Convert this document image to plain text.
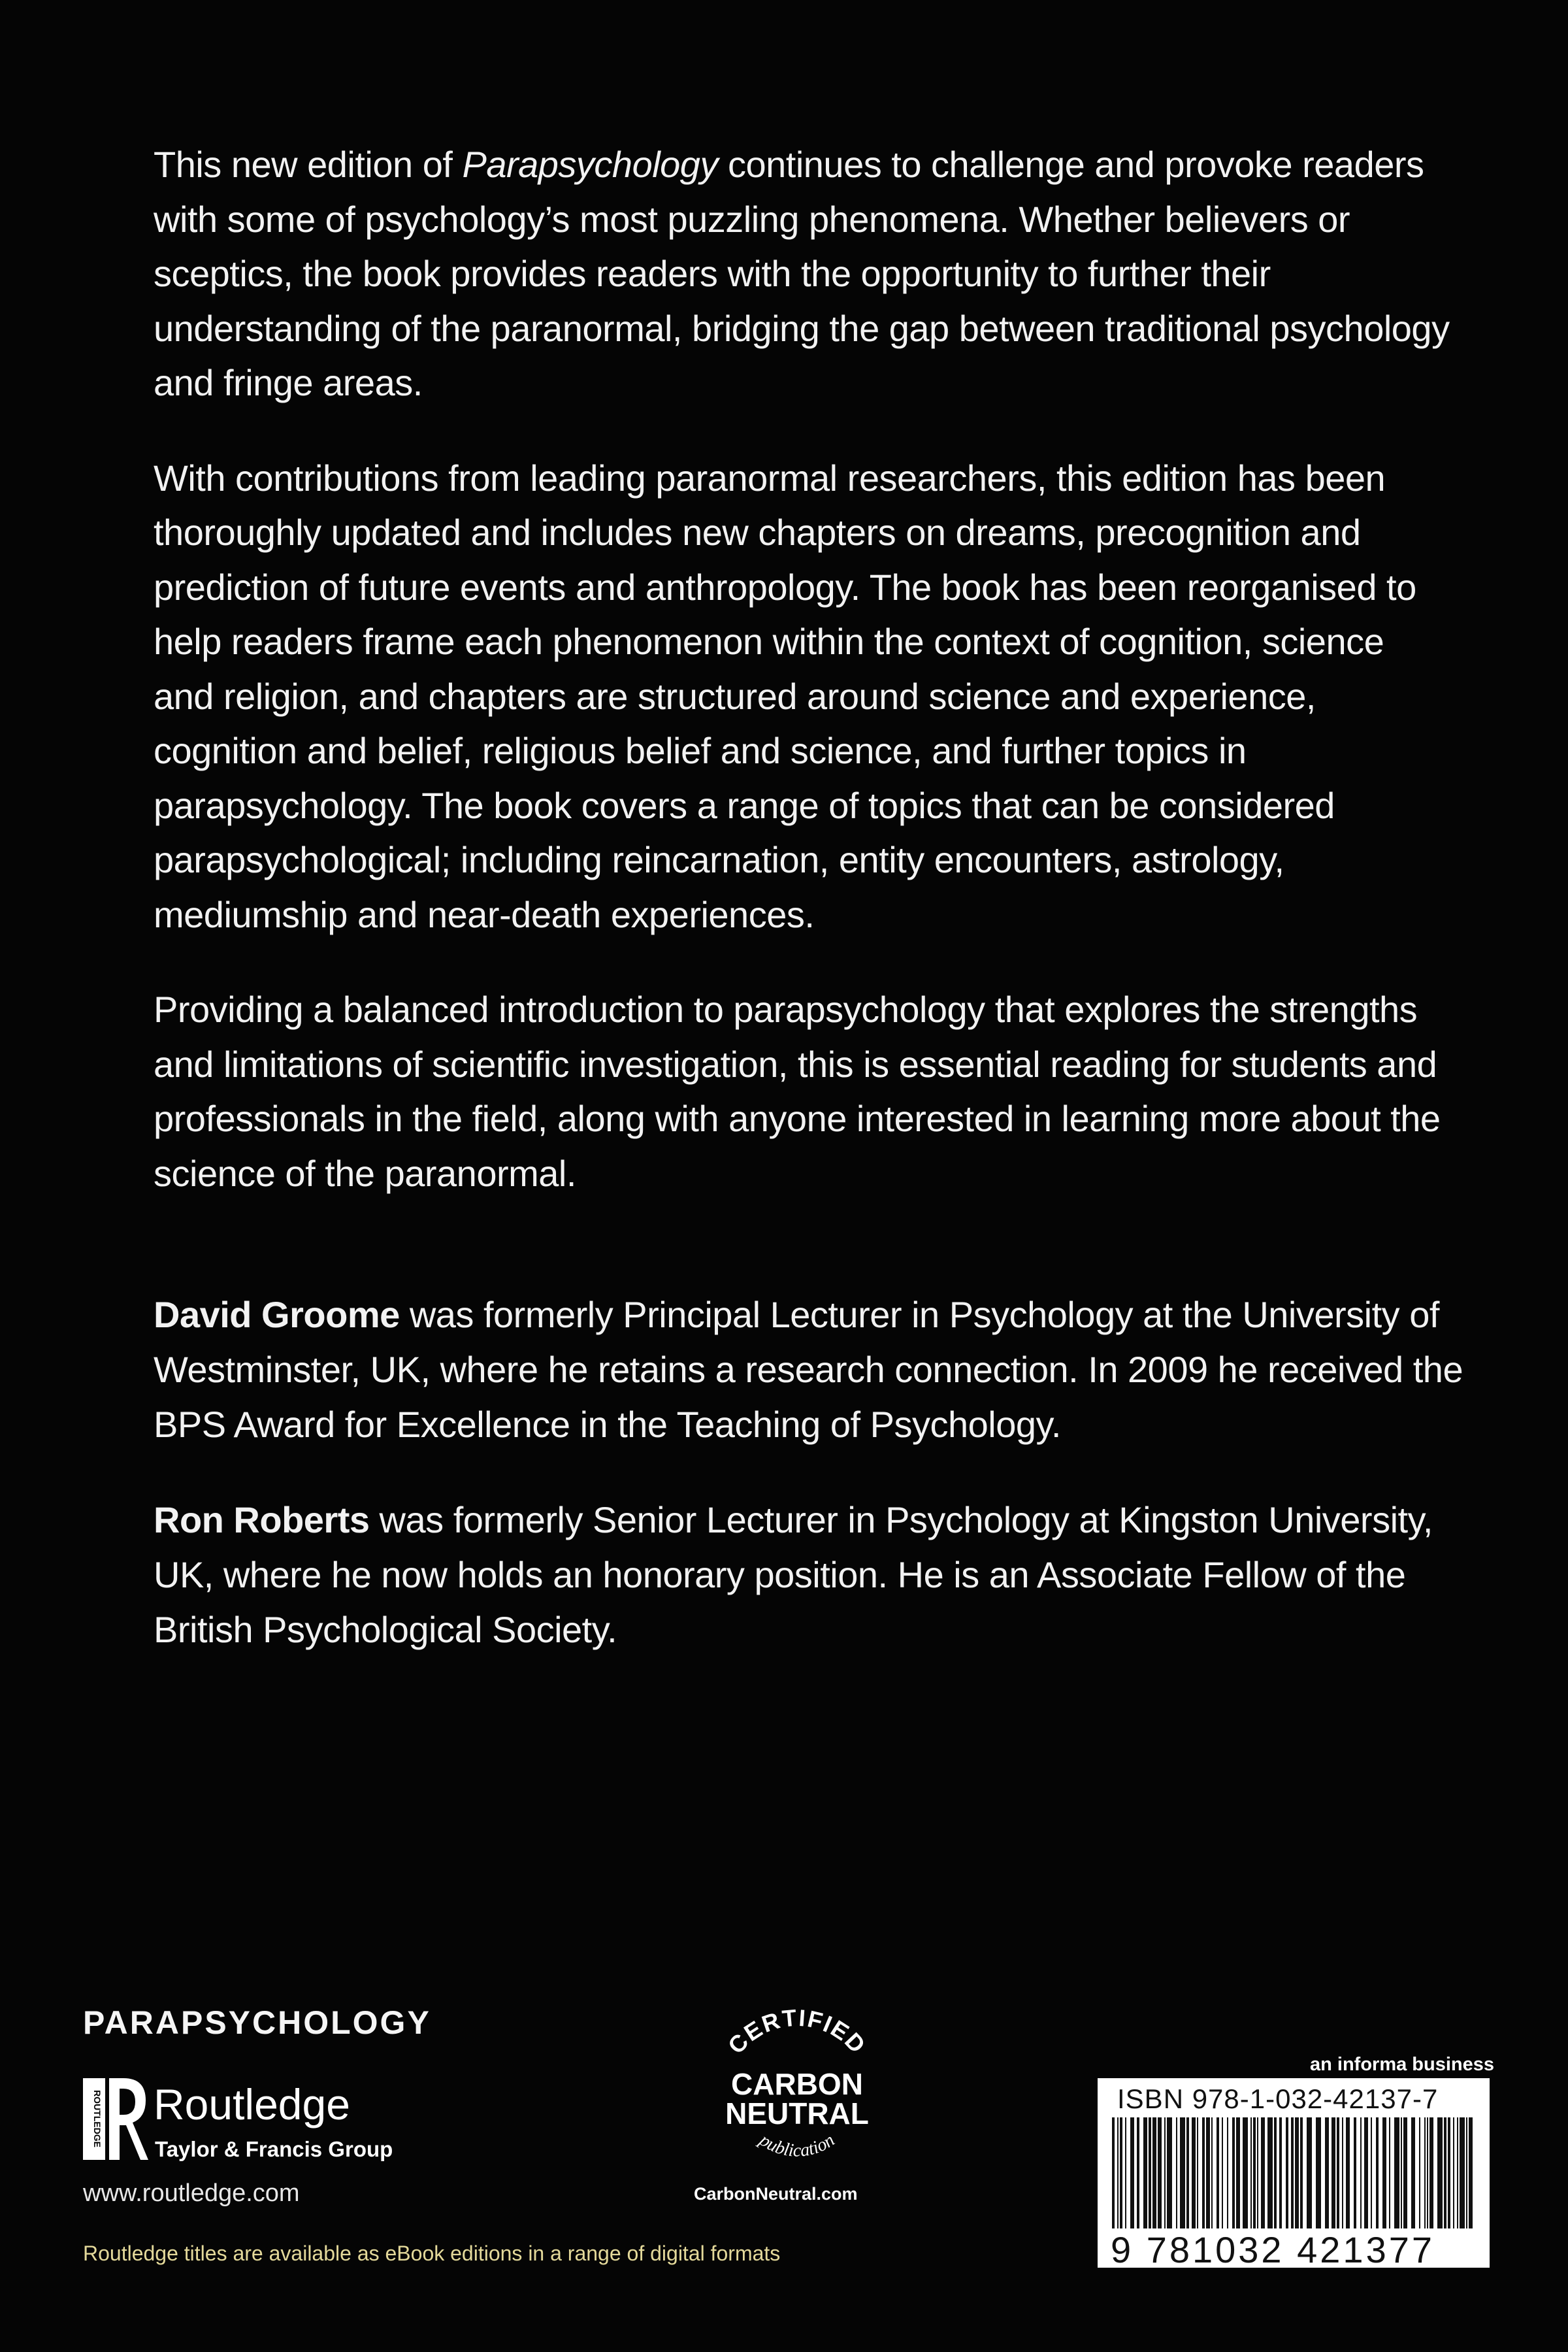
This new edition of Parapsychology continues to challenge and provoke readers with some of psychology’s most puzzling phenomena. Whether believers or sceptics, the book provides readers with the opportunity to further their understanding of the paranormal, bridging the gap between traditional psychology and fringe areas.

With contributions from leading paranormal researchers, this edition has been thoroughly updated and includes new chapters on dreams, precognition and prediction of future events and anthropology. The book has been reorganised to help readers frame each phenomenon within the context of cognition, science and religion, and chapters are structured around science and experience, cognition and belief, religious belief and science, and further topics in parapsychology. The book covers a range of topics that can be considered parapsychological; including reincarnation, entity encounters, astrology, mediumship and near-death experiences.

Providing a balanced introduction to parapsychology that explores the strengths and limitations of scientific investigation, this is essential reading for students and professionals in the field, along with anyone interested in learning more about the science of the paranormal.

David Groome was formerly Principal Lecturer in Psychology at the University of Westminster, UK, where he retains a research connection. In 2009 he received the BPS Award for Excellence in the Teaching of Psychology.

Ron Roberts was formerly Senior Lecturer in Psychology at Kingston University, UK, where he now holds an honorary position. He is an Associate Fellow of the British Psychological Society.

PARAPSYCHOLOGY
ROUTLEDGE Routledge
Taylor & Francis Group
www.routledge.com
Routledge titles are available as eBook editions in a range of digital formats
CERTIFIED
CARBON
NEUTRAL
publication
CarbonNeutral.com
an informa business
ISBN 978-1-032-42137-7
9 781032 421377
